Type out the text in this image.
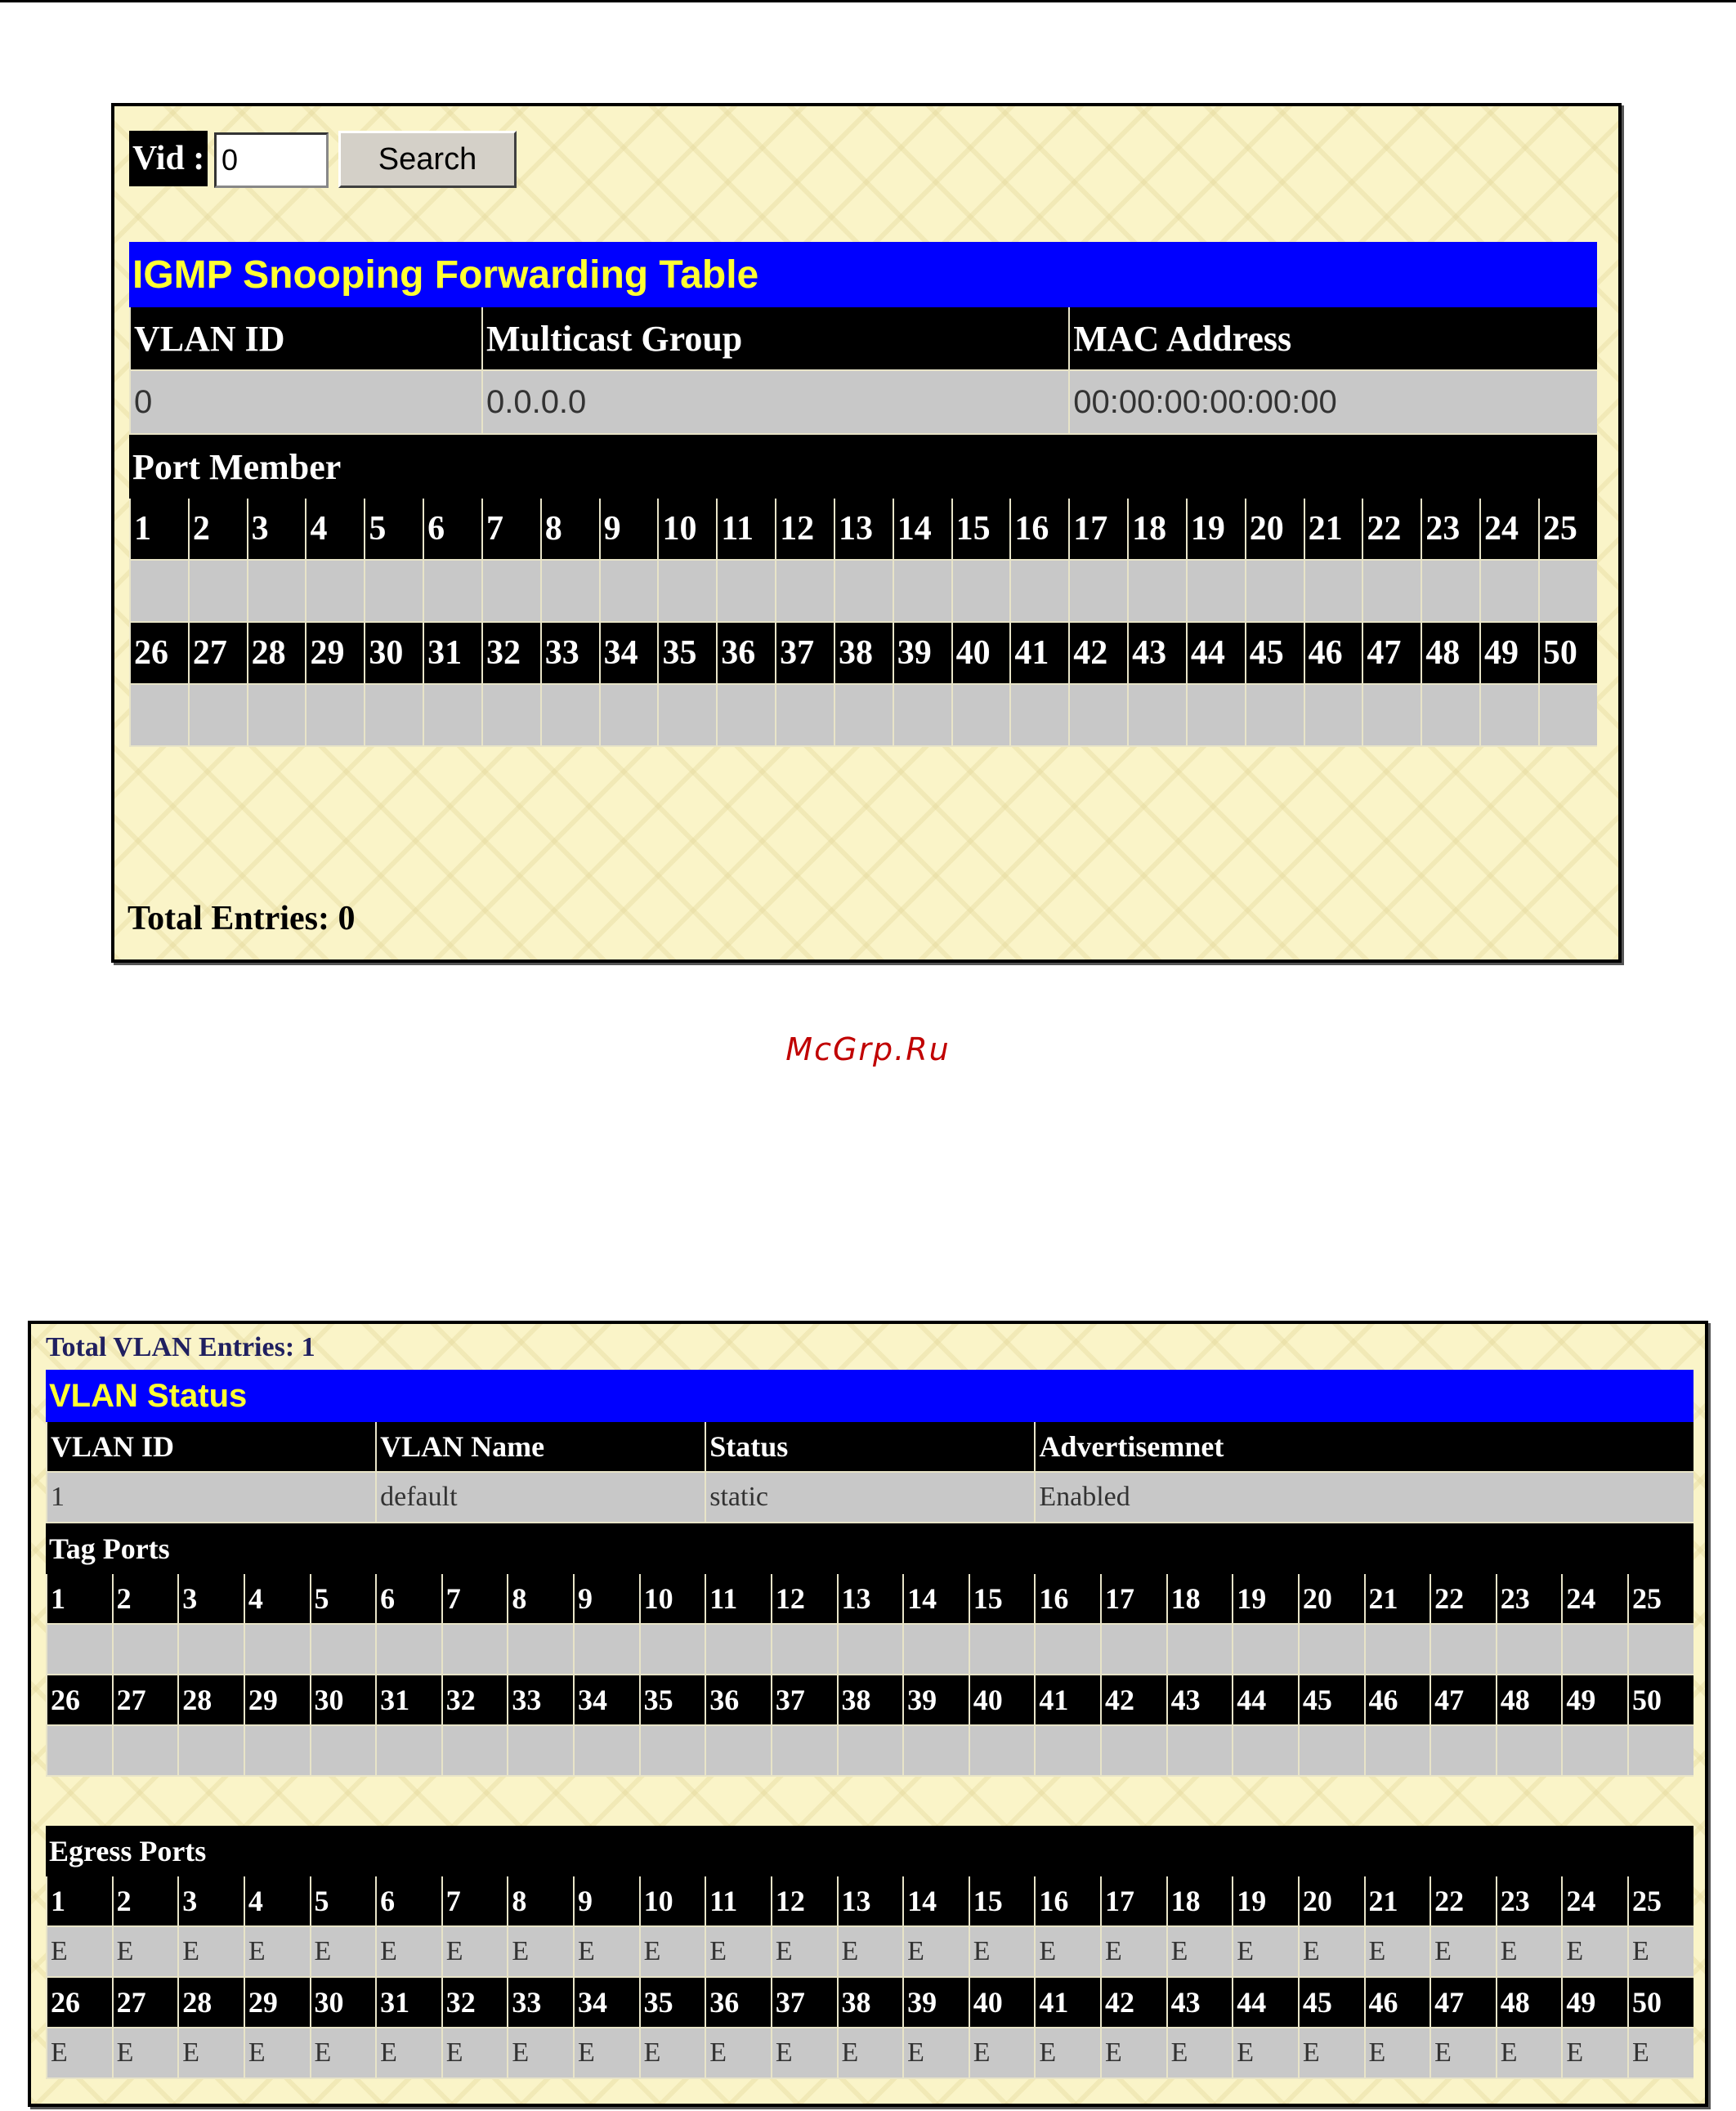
Vid :
0	Search
IGMP Snooping Forwarding Table																								
VLAN ID						Multicast Group										MAC Address								
0						0.0.0.0										00:00:00:00:00:00								
Port Member																								
1	2	3	4	5	6	7	8	9	10	11	12	13	14	15	16	17	18	19	20	21	22	23	24	25

26	27	28	29	30	31	32	33	34	35	36	37	38	39	40	41	42	43	44	45	46	47	48	49	50

Total Entries: 0
McGrp.Ru
Total VLAN Entries: 1
VLAN Status																								
VLAN ID					VLAN Name					Status					Advertisemnet									
1					default					static					Enabled									
Tag Ports																								
1	2	3	4	5	6	7	8	9	10	11	12	13	14	15	16	17	18	19	20	21	22	23	24	25

26	27	28	29	30	31	32	33	34	35	36	37	38	39	40	41	42	43	44	45	46	47	48	49	50

Egress Ports																								
1	2	3	4	5	6	7	8	9	10	11	12	13	14	15	16	17	18	19	20	21	22	23	24	25
E	E	E	E	E	E	E	E	E	E	E	E	E	E	E	E	E	E	E	E	E	E	E	E	E
26	27	28	29	30	31	32	33	34	35	36	37	38	39	40	41	42	43	44	45	46	47	48	49	50
E	E	E	E	E	E	E	E	E	E	E	E	E	E	E	E	E	E	E	E	E	E	E	E	E
